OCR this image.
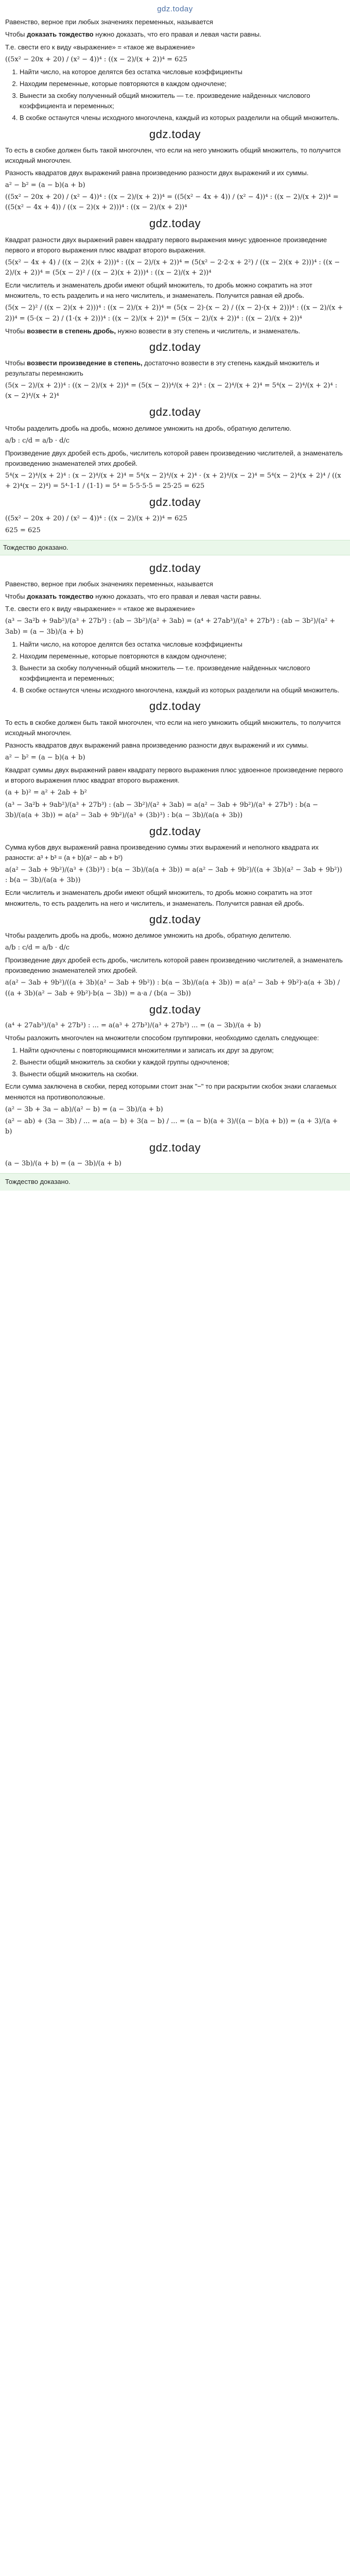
gdz.today

Равенство, верное при любых значениях переменных, называется

Чтобы доказать тождество нужно доказать, что его правая и левая части равны.

Т.е. свести его к виду «выражение» = «такое же выражение»

((5x² − 20x + 20) / (x² − 4))⁴ : ((x − 2)/(x + 2))⁴ = 625
1. Найти число, на которое делятся без остатка числовые коэффициенты
2. Находим переменные, которые повторяются в каждом одночлене;
3. Вынести за скобку полученный общий множитель — т.е. произведение найденных числового коэффициента и переменных;
4. В скобке останутся члены исходного многочлена, каждый из которых разделили на общий множитель.
gdz.today

То есть в скобке должен быть такой многочлен, что если на него умножить общий множитель, то получится исходный многочлен.

Разность квадратов двух выражений равна произведению разности двух выражений и их суммы.

a² − b² = (a − b)(a + b)
((5x² − 20x + 20) / (x² − 4))⁴ : ((x − 2)/(x + 2))⁴ = ((5(x² − 4x + 4)) / (x² − 4))⁴ : ((x − 2)/(x + 2))⁴ = ((5(x² − 4x + 4)) / ((x − 2)(x + 2)))⁴ : ((x − 2)/(x + 2))⁴
gdz.today

Квадрат разности двух выражений равен квадрату первого выражения минус удвоенное произведение первого и второго выражения плюс квадрат второго выражения.

(5(x² − 4x + 4) / ((x − 2)(x + 2)))⁴ : ((x − 2)/(x + 2))⁴ = (5(x² − 2·2·x + 2²) / ((x − 2)(x + 2)))⁴ : ((x − 2)/(x + 2))⁴ = (5(x − 2)² / ((x − 2)(x + 2)))⁴ : ((x − 2)/(x + 2))⁴

Если числитель и знаменатель дроби имеют общий множитель, то дробь можно сократить на этот множитель, то есть разделить и на него числитель, и знаменатель. Получится равная ей дробь.

(5(x − 2)² / ((x − 2)(x + 2)))⁴ : ((x − 2)/(x + 2))⁴ = (5(x − 2)·(x − 2) / ((x − 2)·(x + 2)))⁴ : ((x − 2)/(x + 2))⁴ = (5·(x − 2) / (1·(x + 2)))⁴ : ((x − 2)/(x + 2))⁴ = (5(x − 2)/(x + 2))⁴ : ((x − 2)/(x + 2))⁴

Чтобы возвести в степень дробь, нужно возвести в эту степень и числитель, и знаменатель.

gdz.today

Чтобы возвести произведение в степень, достаточно возвести в эту степень каждый множитель и результаты перемножить

(5(x − 2)/(x + 2))⁴ : ((x − 2)/(x + 2))⁴ = (5(x − 2))⁴/(x + 2)⁴ : (x − 2)⁴/(x + 2)⁴ = 5⁴(x − 2)⁴/(x + 2)⁴ : (x − 2)⁴/(x + 2)⁴
gdz.today

Чтобы разделить дробь на дробь, можно делимое умножить на дробь, обратную делителю.

a/b : c/d = a/b · d/c

Произведение двух дробей есть дробь, числитель которой равен произведению числителей, а знаменатель произведению знаменателей этих дробей.

5⁴(x − 2)⁴/(x + 2)⁴ : (x − 2)⁴/(x + 2)⁴ = 5⁴(x − 2)⁴/(x + 2)⁴ · (x + 2)⁴/(x − 2)⁴ = 5⁴(x − 2)⁴(x + 2)⁴ / ((x + 2)⁴(x − 2)⁴) = 5⁴·1·1 / (1·1) = 5⁴ = 5·5·5·5 = 25·25 = 625
gdz.today
((5x² − 20x + 20) / (x² − 4))⁴ : ((x − 2)/(x + 2))⁴ = 625
625 = 625
Тождество доказано.
gdz.today

Равенство, верное при любых значениях переменных, называется

Чтобы доказать тождество нужно доказать, что его правая и левая части равны.

Т.е. свести его к виду «выражение» = «такое же выражение»

(a³ − 3a²b + 9ab²)/(a³ + 27b³) : (ab − 3b²)/(a² + 3ab) = (a⁴ + 27ab³)/(a³ + 27b³) : (ab − 3b²)/(a² + 3ab) = (a − 3b)/(a + b)
1. Найти число, на которое делятся без остатка числовые коэффициенты
2. Находим переменные, которые повторяются в каждом одночлене;
3. Вынести за скобку полученный общий множитель — т.е. произведение найденных числового коэффициента и переменных;
4. В скобке останутся члены исходного многочлена, каждый из которых разделили на общий множитель.
gdz.today

То есть в скобке должен быть такой многочлен, что если на него умножить общий множитель, то получится исходный многочлен.

Разность квадратов двух выражений равна произведению разности двух выражений и их суммы.

a² − b² = (a − b)(a + b)

Квадрат суммы двух выражений равен квадрату первого выражения плюс удвоенное произведение первого и второго выражения плюс квадрат второго выражения.

(a + b)² = a² + 2ab + b²
(a³ − 3a²b + 9ab²)/(a³ + 27b³) : (ab − 3b²)/(a² + 3ab) = a(a² − 3ab + 9b²)/(a³ + 27b³) : b(a − 3b)/(a(a + 3b)) = a(a² − 3ab + 9b²)/(a³ + (3b)³) : b(a − 3b)/(a(a + 3b))
gdz.today

Сумма кубов двух выражений равна произведению суммы этих выражений и неполного квадрата их разности: a³ + b³ = (a + b)(a² − ab + b²)

a(a² − 3ab + 9b²)/(a³ + (3b)³) : b(a − 3b)/(a(a + 3b)) = a(a² − 3ab + 9b²)/((a + 3b)(a² − 3ab + 9b²)) : b(a − 3b)/(a(a + 3b))

Если числитель и знаменатель дроби имеют общий множитель, то дробь можно сократить на этот множитель, то есть разделить на него и числитель, и знаменатель. Получится равная ей дробь.

gdz.today

Чтобы разделить дробь на дробь, можно делимое умножить на дробь, обратную делителю.

a/b : c/d = a/b · d/c

Произведение двух дробей есть дробь, числитель которой равен произведению числителей, а знаменатель произведению знаменателей этих дробей.

a(a² − 3ab + 9b²)/((a + 3b)(a² − 3ab + 9b²)) : b(a − 3b)/(a(a + 3b)) = a(a² − 3ab + 9b²)·a(a + 3b) / ((a + 3b)(a² − 3ab + 9b²)·b(a − 3b)) = a·a / (b(a − 3b))
gdz.today
(a⁴ + 27ab³)/(a³ + 27b³) : ... = a(a³ + 27b³)/(a³ + 27b³) ... = (a − 3b)/(a + b)

Чтобы разложить многочлен на множители способом группировки, необходимо сделать следующее:

1. Найти одночлены с повторяющимися множителями и записать их друг за другом;
2. Вынести общий множитель за скобки у каждой группы одночленов;
3. Вынести общий множитель на скобки.

Если сумма заключена в скобки, перед которыми стоит знак "−" то при раскрытии скобок знаки слагаемых меняются на противоположные.

(a² − 3b + 3a − ab)/(a² − b) = (a − 3b)/(a + b)
(a² − ab) + (3a − 3b) / ... = a(a − b) + 3(a − b) / ... = (a − b)(a + 3)/((a − b)(a + b)) = (a + 3)/(a + b)
gdz.today
(a − 3b)/(a + b) = (a − 3b)/(a + b)
Тождество доказано.
